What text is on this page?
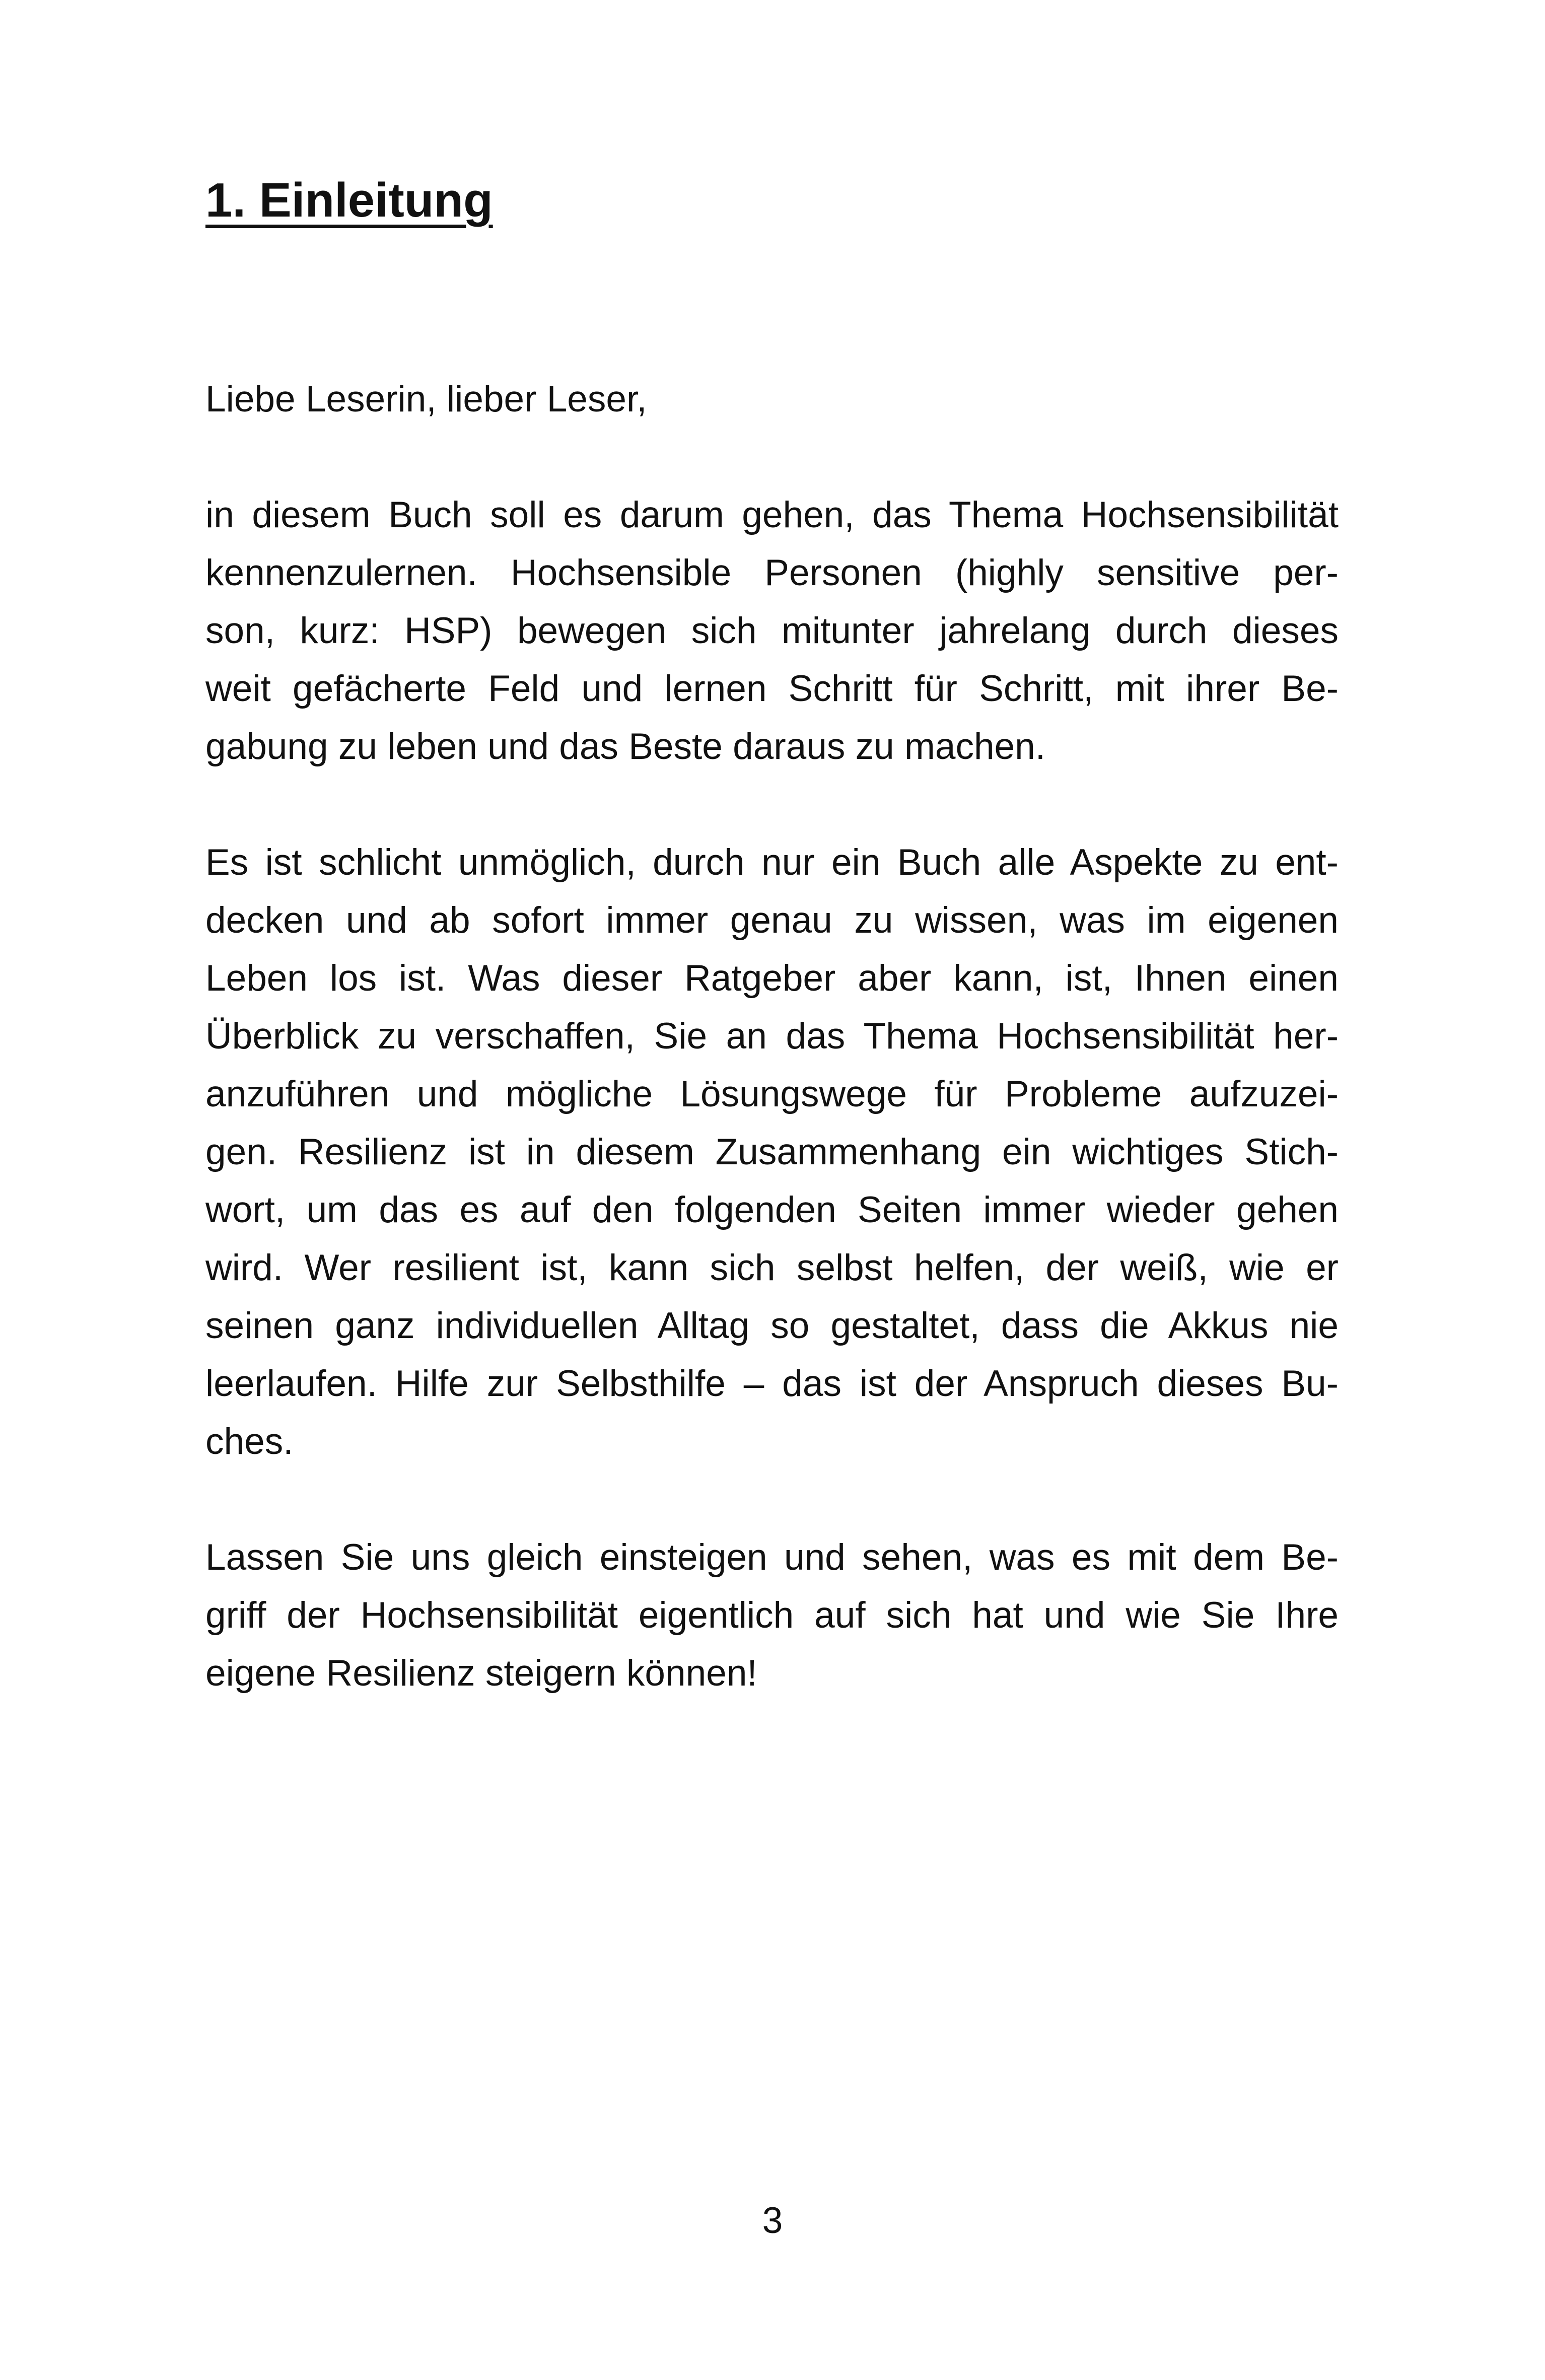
1. Einleitung
Liebe Leserin, lieber Leser,
in diesem Buch soll es darum gehen, das Thema Hochsensibilität
kennenzulernen. Hochsensible Personen (highly sensitive per-
son, kurz: HSP) bewegen sich mitunter jahrelang durch dieses
weit gefächerte Feld und lernen Schritt für Schritt, mit ihrer Be-
gabung zu leben und das Beste daraus zu machen.
Es ist schlicht unmöglich, durch nur ein Buch alle Aspekte zu ent-
decken und ab sofort immer genau zu wissen, was im eigenen
Leben los ist. Was dieser Ratgeber aber kann, ist, Ihnen einen
Überblick zu verschaffen, Sie an das Thema Hochsensibilität her-
anzuführen und mögliche Lösungswege für Probleme aufzuzei-
gen. Resilienz ist in diesem Zusammenhang ein wichtiges Stich-
wort, um das es auf den folgenden Seiten immer wieder gehen
wird. Wer resilient ist, kann sich selbst helfen, der weiß, wie er
seinen ganz individuellen Alltag so gestaltet, dass die Akkus nie
leerlaufen. Hilfe zur Selbsthilfe – das ist der Anspruch dieses Bu-
ches.
Lassen Sie uns gleich einsteigen und sehen, was es mit dem Be-
griff der Hochsensibilität eigentlich auf sich hat und wie Sie Ihre
eigene Resilienz steigern können!
3
